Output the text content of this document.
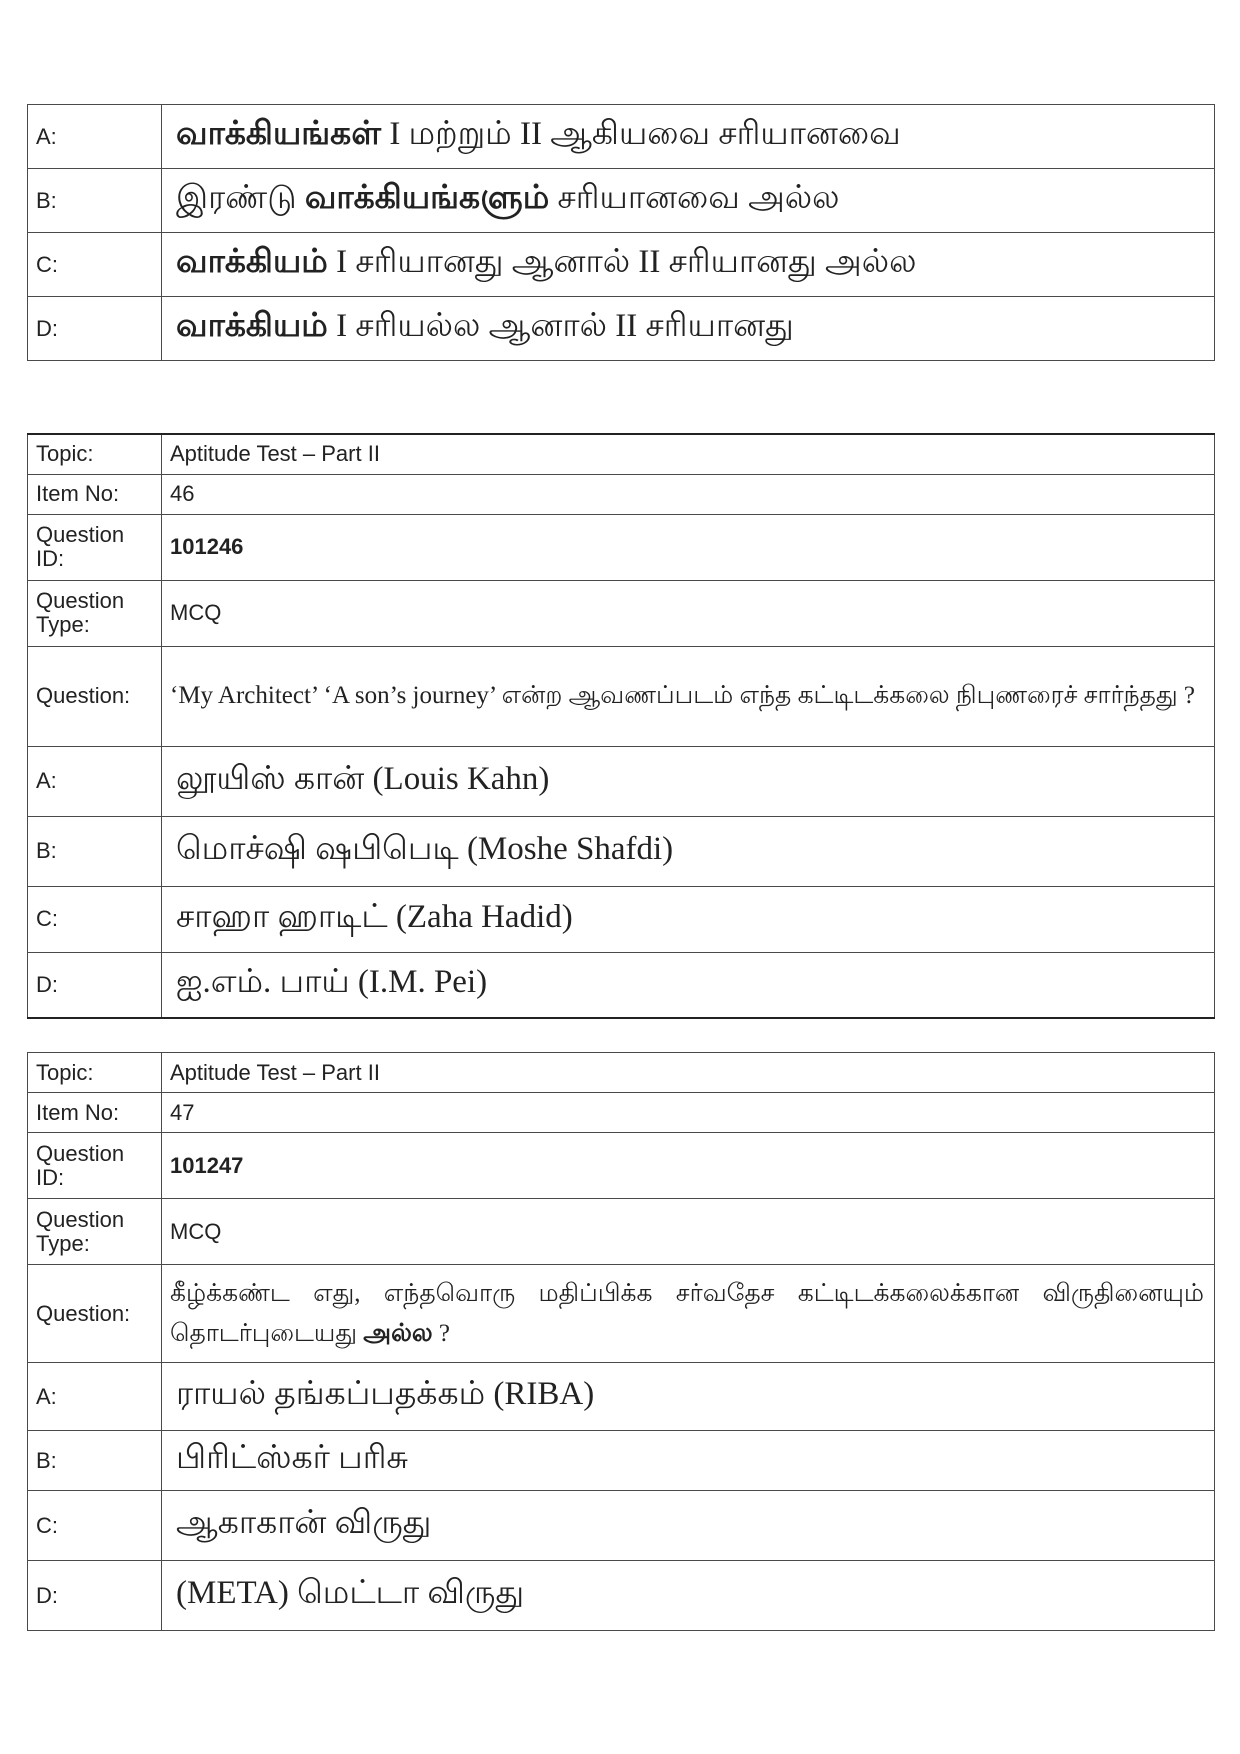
A:	வாக்கியங்கள் I மற்றும் II ஆகியவை சரியானவை
B:	இரண்டு வாக்கியங்களும் சரியானவை அல்ல
C:	வாக்கியம் I சரியானது ஆனால் II சரியானது அல்ல
D:	வாக்கியம் I சரியல்ல ஆனால் II சரியானது
Topic:	Aptitude Test – Part II
Item No:	46
Question ID:	101246
Question Type:	MCQ
Question:	‘My Architect’ ‘A son’s journey’ என்ற ஆவணப்படம் எந்த கட்டிடக்கலை நிபுணரைச் சார்ந்தது ?
A:	லூயிஸ் கான் (Louis Kahn)
B:	மொச்ஷி ஷபிபெடி (Moshe Shafdi)
C:	சாஹா ஹாடிட் (Zaha Hadid)
D:	ஐ.எம். பாய் (I.M. Pei)
Topic:	Aptitude Test – Part II
Item No:	47
Question ID:	101247
Question Type:	MCQ
Question:	கீழ்க்கண்ட எது, எந்தவொரு மதிப்பிக்க சர்வதேச கட்டிடக்கலைக்கான விருதினையும் தொடர்புடையது அல்ல ?
A:	ராயல் தங்கப்பதக்கம் (RIBA)
B:	பிரிட்ஸ்கர் பரிசு
C:	ஆகாகான் விருது
D:	(META) மெட்டா விருது
